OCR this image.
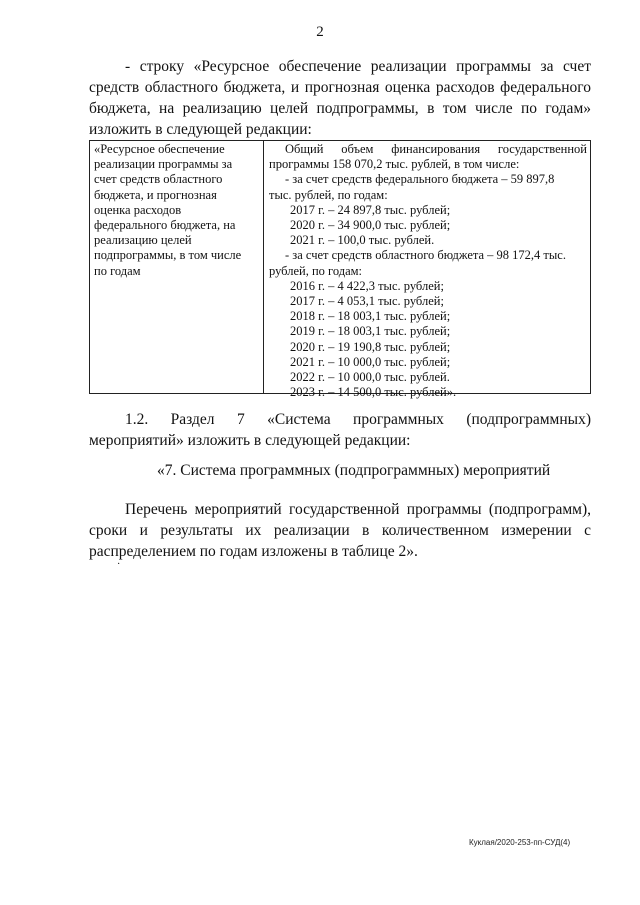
2
- строку «Ресурсное обеспечение реализации программы за счет средств областного бюджета, и прогнозная оценка расходов федерального бюджета, на реализацию целей подпрограммы, в том числе по годам» изложить в следующей редакции:
«Ресурсное обеспечение реализации программы за счет средств областного бюджета, и прогнозная оценка расходов федерального бюджета, на реализацию целей подпрограммы, в том числе по годам
Общий объем финансирования государственной
программы 158 070,2 тыс. рублей, в том числе:
- за счет средств федерального бюджета – 59 897,8
тыс. рублей, по годам:
2017 г. – 24 897,8 тыс. рублей;
2020 г. – 34 900,0 тыс. рублей;
2021 г. – 100,0 тыс. рублей.
- за счет средств областного бюджета – 98 172,4 тыс.
рублей, по годам:
2016 г. – 4 422,3 тыс. рублей;
2017 г. – 4 053,1 тыс. рублей;
2018 г. – 18 003,1 тыс. рублей;
2019 г. – 18 003,1 тыс. рублей;
2020 г. – 19 190,8 тыс. рублей;
2021 г. – 10 000,0 тыс. рублей;
2022 г. – 10 000,0 тыс. рублей.
2023 г. – 14 500,0 тыс. рублей».
1.2. Раздел 7 «Система программных (подпрограммных) мероприятий» изложить в следующей редакции:
«7. Система программных (подпрограммных) мероприятий
Перечень мероприятий государственной программы (подпрограмм), сроки и результаты их реализации в количественном измерении с распределением по годам изложены в таблице 2».
·
Куклая/2020-253-пп-СУД(4)
